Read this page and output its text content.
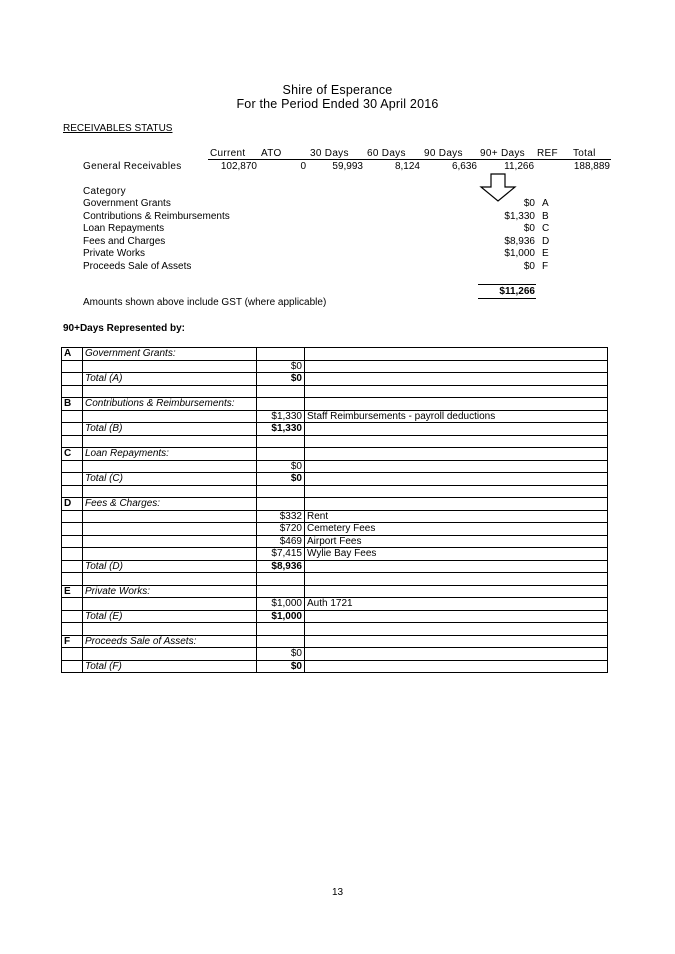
Shire of Esperance
For the Period Ended 30 April 2016
RECEIVABLES STATUS
Current ATO	30 Days 60 Days 90 Days 90+ Days REF Total
General Receivables	102,870	0	59,993	8,124	6,636	11,266	188,889
Category
Government Grants	$0 A
Contributions & Reimbursements	$1,330 B
Loan Repayments	$0 C
Fees and Charges	$8,936 D
Private Works	$1,000 E
Proceeds Sale of Assets	$0 F
$11,266
Amounts shown above include GST (where applicable)
90+Days Represented by:
A	Government Grants:		
		$0	
	Total (A)	$0	

B	Contributions & Reimbursements:		
		$1,330	Staff Reimbursements - payroll deductions
	Total (B)	$1,330	

C	Loan Repayments:		
		$0	
	Total (C)	$0	

D	Fees & Charges:		
		$332	Rent
		$720	Cemetery Fees
		$469	Airport Fees
		$7,415	Wylie Bay Fees
	Total (D)	$8,936	

E	Private Works:		
		$1,000	Auth 1721
	Total (E)	$1,000	

F	Proceeds Sale of Assets:		
		$0	
	Total (F)	$0	
13
